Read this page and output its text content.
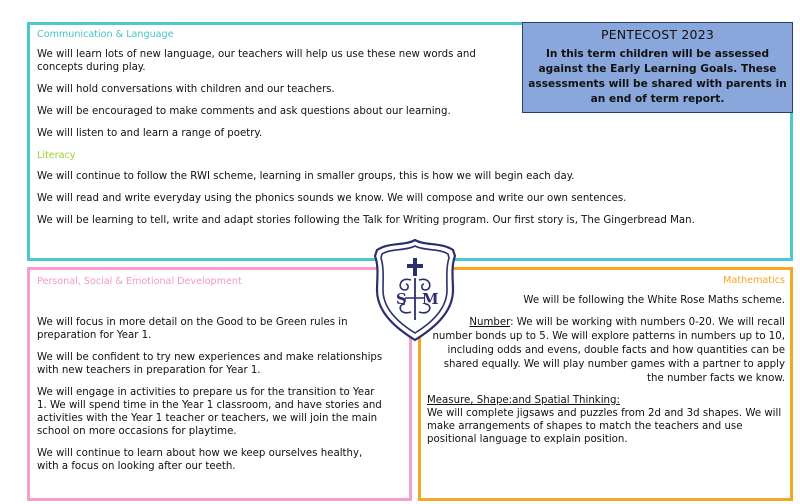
Communication & Language

We will learn lots of new language, our teachers will help us use these new words and concepts during play.

We will hold conversations with children and our teachers.

We will be encouraged to make comments and ask questions about our learning.

We will listen to and learn a range of poetry.

Literacy

We will continue to follow the RWI scheme, learning in smaller groups, this is how we will begin each day.

We will read and write everyday using the phonics sounds we know. We will compose and write our own sentences.

We will be learning to tell, write and adapt stories following the Talk for Writing program. Our first story is, The Gingerbread Man.

PENTECOST 2023
In this term children will be assessed against the Early Learning Goals. These assessments will be shared with parents in an end of term report.

Personal, Social & Emotional Development

We will focus in more detail on the Good to be Green rules in preparation for Year 1.

We will be confident to try new experiences and make relationships with new teachers in preparation for Year 1.

We will engage in activities to prepare us for the transition to Year 1. We will spend time in the Year 1 classroom, and have stories and activities with the Year 1 teacher or teachers, we will join the main school on more occasions for playtime.

We will continue to learn about how we keep ourselves healthy, with a focus on looking after our teeth.

Mathematics

We will be following the White Rose Maths scheme.

Number: We will be working with numbers 0-20. We will recall number bonds up to 5. We will explore patterns in numbers up to 10, including odds and evens, double facts and how quantities can be shared equally. We will play number games with a partner to apply the number facts we know.

Measure, Shape:and Spatial Thinking:

We will complete jigsaws and puzzles from 2d and 3d shapes. We will make arrangements of shapes to match the teachers and use positional language to explain position.

S M
